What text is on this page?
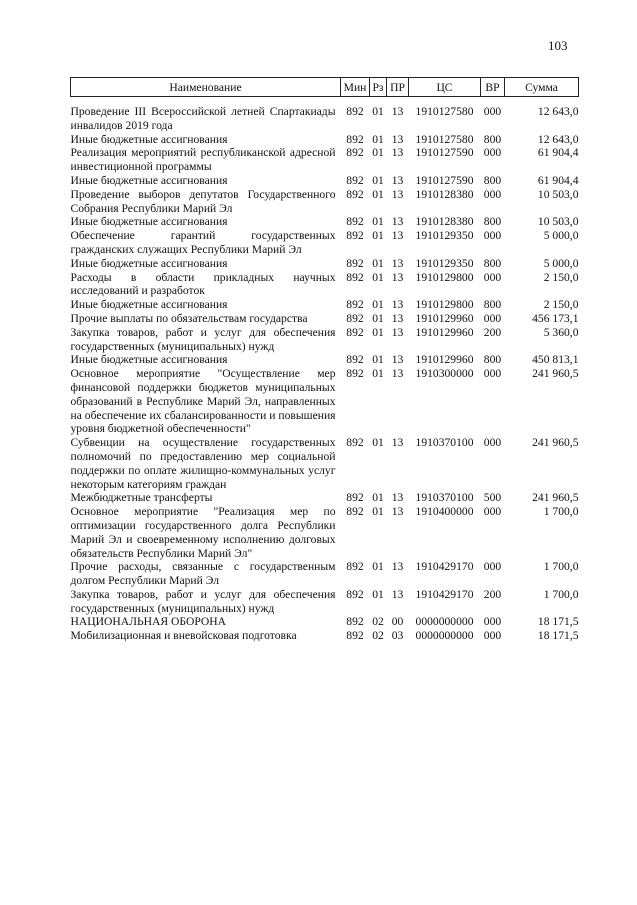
103
Наименование	Мин	Рз	ПР	ЦС	ВР	Сумма
Проведение III Всероссийской летней Спартакиады инвалидов 2019 года	892	01	13	1910127580	000	12 643,0
Иные бюджетные ассигнования	892	01	13	1910127580	800	12 643,0
Реализация мероприятий республиканской адресной инвестиционной программы	892	01	13	1910127590	000	61 904,4
Иные бюджетные ассигнования	892	01	13	1910127590	800	61 904,4
Проведение выборов депутатов Государственного Собрания Республики Марий Эл	892	01	13	1910128380	000	10 503,0
Иные бюджетные ассигнования	892	01	13	1910128380	800	10 503,0
Обеспечение гарантий государственных гражданских служащих Республики Марий Эл	892	01	13	1910129350	000	5 000,0
Иные бюджетные ассигнования	892	01	13	1910129350	800	5 000,0
Расходы в области прикладных научных исследований и разработок	892	01	13	1910129800	000	2 150,0
Иные бюджетные ассигнования	892	01	13	1910129800	800	2 150,0
Прочие выплаты по обязательствам государства	892	01	13	1910129960	000	456 173,1
Закупка товаров, работ и услуг для обеспечения государственных (муниципальных) нужд	892	01	13	1910129960	200	5 360,0
Иные бюджетные ассигнования	892	01	13	1910129960	800	450 813,1
Основное мероприятие "Осуществление мер финансовой поддержки бюджетов муниципальных образований в Республике Марий Эл, направленных на обеспечение их сбалансированности и повышения уровня бюджетной обеспеченности"	892	01	13	1910300000	000	241 960,5
Субвенции на осуществление государственных полномочий по предоставлению мер социальной поддержки по оплате жилищно-коммунальных услуг некоторым категориям граждан	892	01	13	1910370100	000	241 960,5
Межбюджетные трансферты	892	01	13	1910370100	500	241 960,5
Основное мероприятие "Реализация мер по оптимизации государственного долга Республики Марий Эл и своевременному исполнению долговых обязательств Республики Марий Эл"	892	01	13	1910400000	000	1 700,0
Прочие расходы, связанные с государственным долгом Республики Марий Эл	892	01	13	1910429170	000	1 700,0
Закупка товаров, работ и услуг для обеспечения государственных (муниципальных) нужд	892	01	13	1910429170	200	1 700,0
НАЦИОНАЛЬНАЯ ОБОРОНА	892	02	00	0000000000	000	18 171,5
Мобилизационная и вневойсковая подготовка	892	02	03	0000000000	000	18 171,5
